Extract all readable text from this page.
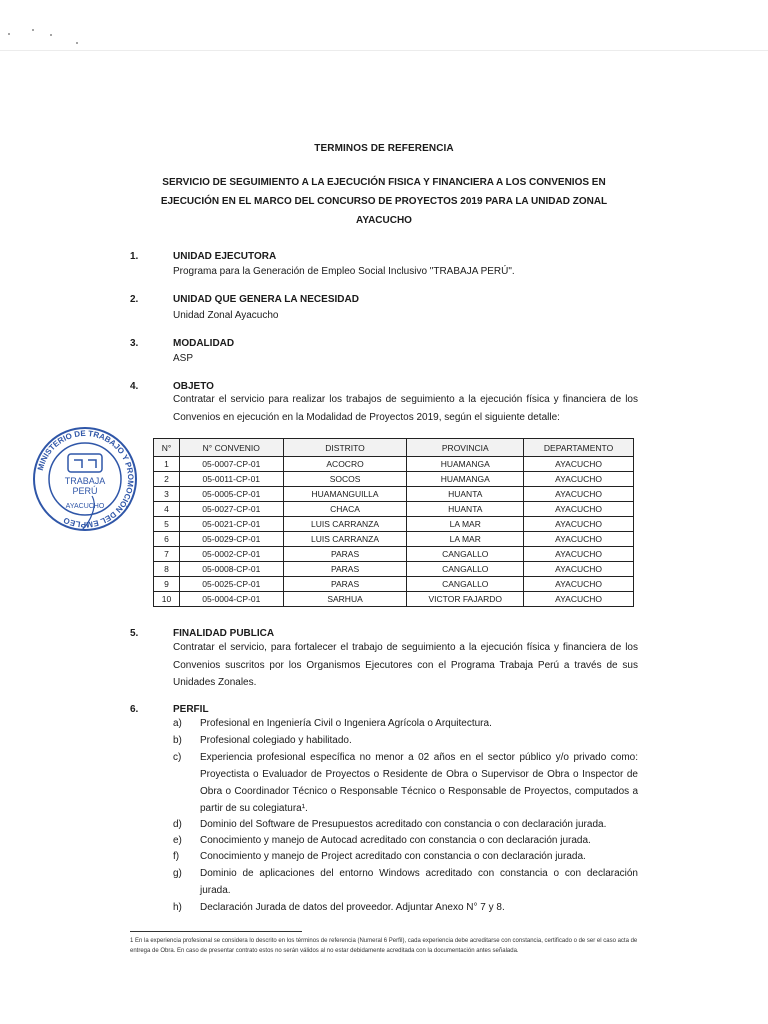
TERMINOS DE REFERENCIA
SERVICIO DE SEGUIMIENTO A LA EJECUCIÓN FISICA Y FINANCIERA A LOS CONVENIOS EN EJECUCIÓN EN EL MARCO DEL CONCURSO DE PROYECTOS 2019 PARA LA UNIDAD ZONAL AYACUCHO
1.	UNIDAD EJECUTORA
Programa para la Generación de Empleo Social Inclusivo "TRABAJA PERÚ".
2.	UNIDAD QUE GENERA LA NECESIDAD
Unidad Zonal Ayacucho
3.	MODALIDAD
ASP
4.	OBJETO
Contratar el servicio para realizar los trabajos de seguimiento a la ejecución física y financiera de los Convenios en ejecución en la Modalidad de Proyectos 2019, según el siguiente detalle:
MINISTERIO DE TRABAJO Y PROMOCIÓN DEL EMPLEO
TRABAJA
PERÚ
AYACUCHO
N°	N° CONVENIO	DISTRITO	PROVINCIA	DEPARTAMENTO
1	05-0007-CP-01	ACOCRO	HUAMANGA	AYACUCHO
2	05-0011-CP-01	SOCOS	HUAMANGA	AYACUCHO
3	05-0005-CP-01	HUAMANGUILLA	HUANTA	AYACUCHO
4	05-0027-CP-01	CHACA	HUANTA	AYACUCHO
5	05-0021-CP-01	LUIS CARRANZA	LA MAR	AYACUCHO
6	05-0029-CP-01	LUIS CARRANZA	LA MAR	AYACUCHO
7	05-0002-CP-01	PARAS	CANGALLO	AYACUCHO
8	05-0008-CP-01	PARAS	CANGALLO	AYACUCHO
9	05-0025-CP-01	PARAS	CANGALLO	AYACUCHO
10	05-0004-CP-01	SARHUA	VICTOR FAJARDO	AYACUCHO
5.	FINALIDAD PUBLICA
Contratar el servicio, para fortalecer el trabajo de seguimiento a la ejecución física y financiera de los Convenios suscritos por los Organismos Ejecutores con el Programa Trabaja Perú a través de sus Unidades Zonales.
6.	PERFIL
a) Profesional en Ingeniería Civil o Ingeniera Agrícola o Arquitectura.
b) Profesional colegiado y habilitado.
c) Experiencia profesional específica no menor a 02 años en el sector público y/o privado como: Proyectista o Evaluador de Proyectos o Residente de Obra o Supervisor de Obra o Inspector de Obra o Coordinador Técnico o Responsable Técnico o Responsable de Proyectos, computados a partir de su colegiatura¹.
d) Dominio del Software de Presupuestos acreditado con constancia o con declaración jurada.
e) Conocimiento y manejo de Autocad acreditado con constancia o con declaración jurada.
f) Conocimiento y manejo de Project acreditado con constancia o con declaración jurada.
g) Dominio de aplicaciones del entorno Windows acreditado con constancia o con declaración jurada.
h) Declaración Jurada de datos del proveedor. Adjuntar Anexo N° 7 y 8.
1 En la experiencia profesional se considera lo descrito en los términos de referencia (Numeral 6 Perfil), cada experiencia debe acreditarse con constancia, certificado o de ser el caso acta de entrega de Obra. En caso de presentar contrato estos no serán válidos al no estar debidamente acreditada con la documentación antes señalada.
